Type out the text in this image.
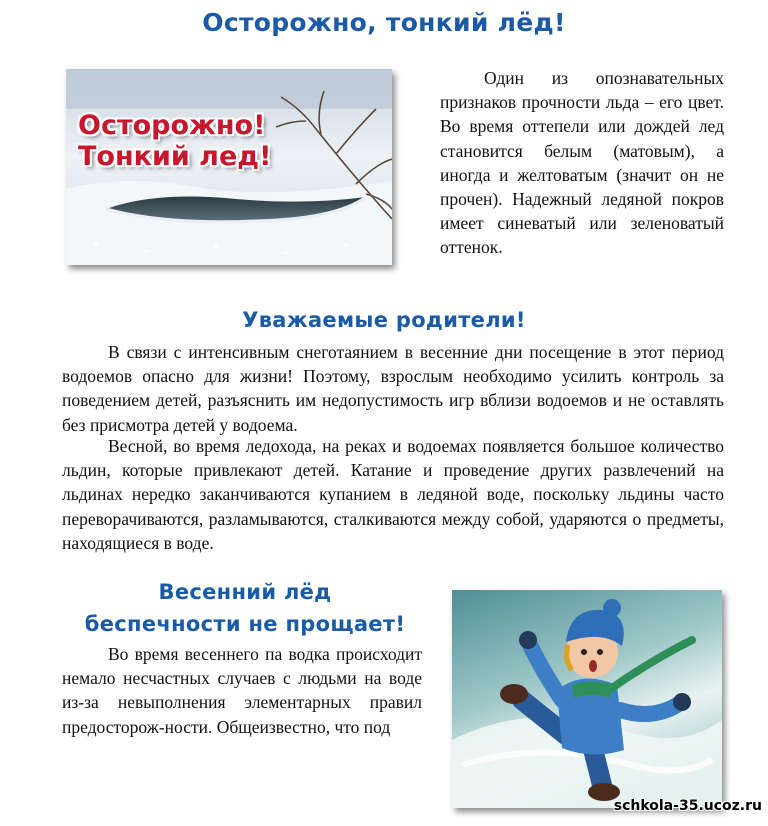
Осторожно, тонкий лёд!
Осторожно!
Тонкий лед!

Один из опознавательных признаков прочности льда – его цвет. Во время оттепели или дождей лед становится белым (матовым), а иногда и желтоватым (значит он не прочен). Надежный ледяной покров имеет синеватый или зеленоватый оттенок.

Уважаемые родители!

В связи с интенсивным снеготаянием в весенние дни посещение в этот период водоемов опасно для жизни! Поэтому, взрослым необходимо усилить контроль за поведением детей, разъяснить им недопустимость игр вблизи водоемов и не оставлять без присмотра детей у водоема.

Весной, во время ледохода, на реках и водоемах появляется большое количество льдин, которые привлекают детей. Катание и проведение других развлечений на льдинах нередко заканчиваются купанием в ледяной воде, поскольку льдины часто переворачиваются, разламываются, сталкиваются между собой, ударяются о предметы, находящиеся в воде.

Весенний лёд
беспечности не прощает!

Во время весеннего па водка происходит немало несчастных случаев с людьми на воде из-за невыполнения элементарных правил предосторож-ности. Общеизвестно, что под

schkola-35.ucoz.ru
